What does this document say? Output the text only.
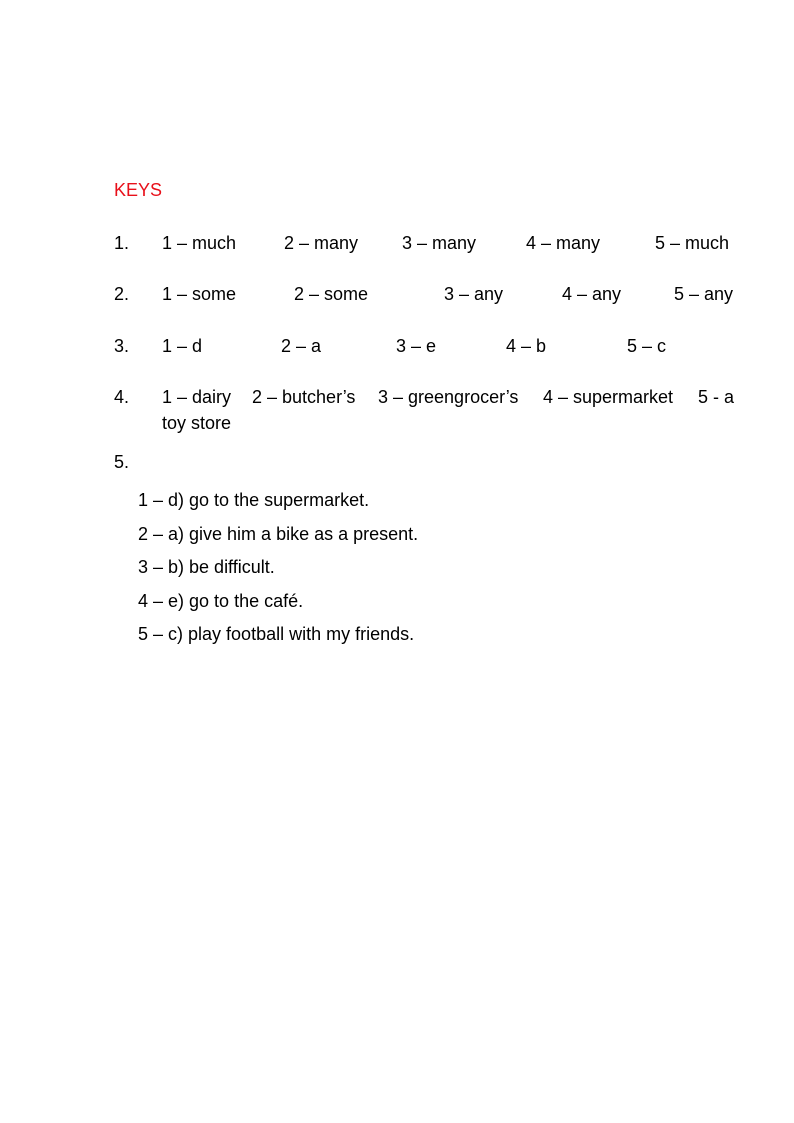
KEYS
1. 1 – much	2 – many 3 – many	4 – many	5 – much
2. 1 – some	2 – some	3 – any	4 – any	5 – any
3. 1 – d	2 – a	3 – e	4 – b	5 – c
4. 1 – dairy 2 – butcher’s 3 – greengrocer’s 4 – supermarket 5 - a
toy store
5.
1 – d) go to the supermarket.
2 – a) give him a bike as a present.
3 – b) be difficult.
4 – e) go to the café.
5 – c) play football with my friends.
